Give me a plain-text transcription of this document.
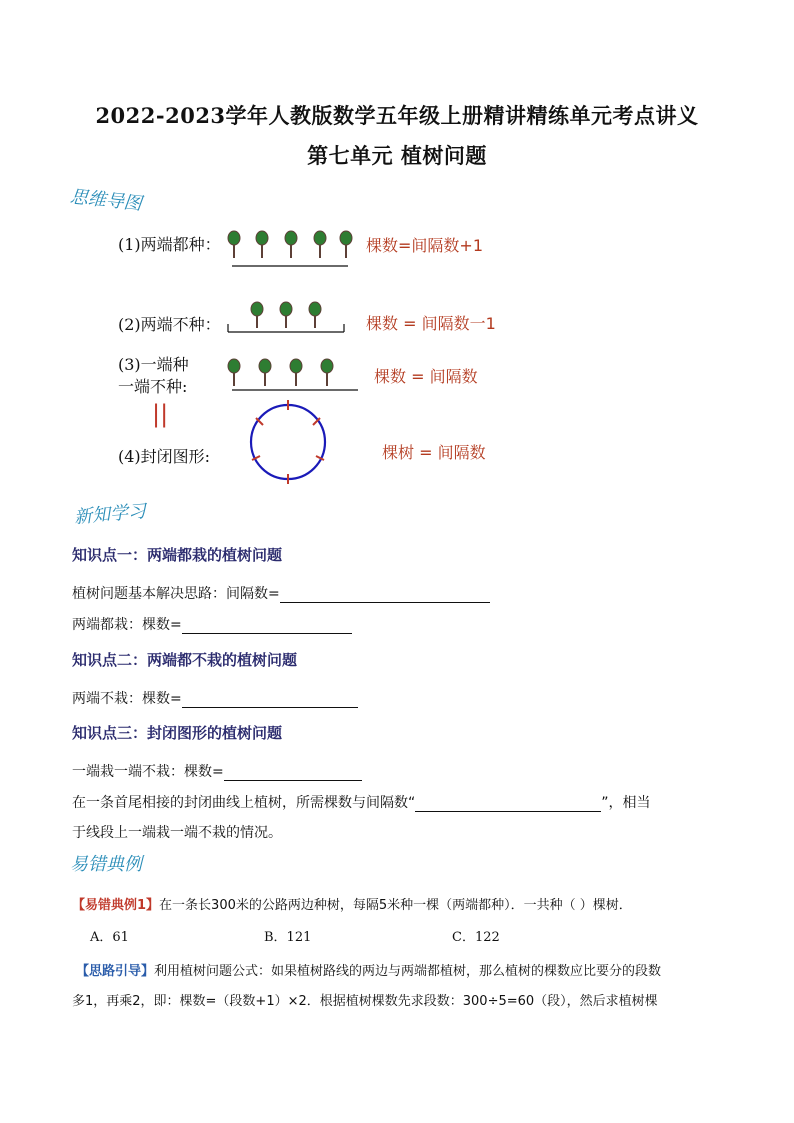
2022-2023学年人教版数学五年级上册精讲精练单元考点讲义
第七单元 植树问题
思维导图
(1)两端都种：	棵数=间隔数+1
(2)两端不种：	棵数 = 间隔数一1
(3)一端种
一端不种:
棵数 = 间隔数
||
(4)封闭图形:	棵树 = 间隔数
新知学习
知识点一：两端都栽的植树问题
植树问题基本解决思路：间隔数=
两端都栽：棵数=
知识点二：两端都不栽的植树问题
两端不栽：棵数=
知识点三：封闭图形的植树问题
一端栽一端不栽：棵数=
在一条首尾相接的封闭曲线上植树，所需棵数与间隔数“	”，相当
于线段上一端栽一端不栽的情况。
易错典例
【易错典例1】在一条长300米的公路两边种树，每隔5米种一棵（两端都种）．一共种（ ）棵树．
A．61	B．121	C．122
【思路引导】利用植树问题公式：如果植树路线的两边与两端都植树，那么植树的棵数应比要分的段数
多1，再乘2，即：棵数=（段数+1）×2．根据植树棵数先求段数：300÷5=60（段），然后求植树棵
